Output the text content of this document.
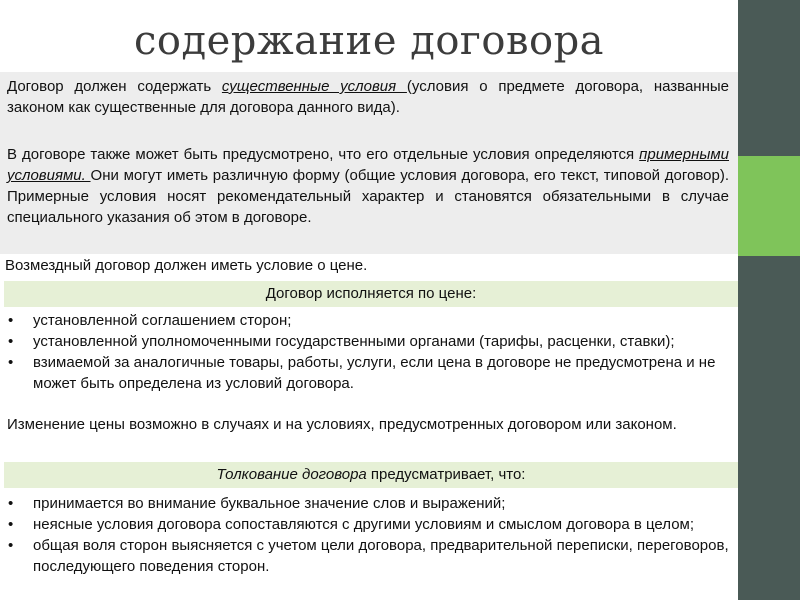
содержание договора
Договор должен содержать существенные условия (условия о предмете договора, названные законом как существенные для договора данного вида).
В договоре также может быть предусмотрено, что его отдельные условия определяются примерными условиями. Они могут иметь различную форму (общие условия договора, его текст, типовой договор). Примерные условия носят рекомендательный характер и становятся обязательными в случае специального указания об этом в договоре.
Возмездный договор должен иметь условие о цене.
Договор исполняется по цене:
• установленной соглашением сторон;
• установленной уполномоченными государственными органами (тарифы, расценки, ставки);
• взимаемой за аналогичные товары, работы, услуги, если цена в договоре не предусмотрена и не может быть определена из условий договора.
Изменение цены возможно в случаях и на условиях, предусмотренных договором или законом.
Толкование договора предусматривает, что:
• принимается во внимание буквальное значение слов и выражений;
• неясные условия договора сопоставляются с другими условиям и смыслом договора в целом;
• общая воля сторон выясняется с учетом цели договора, предварительной переписки, переговоров, последующего поведения сторон.
